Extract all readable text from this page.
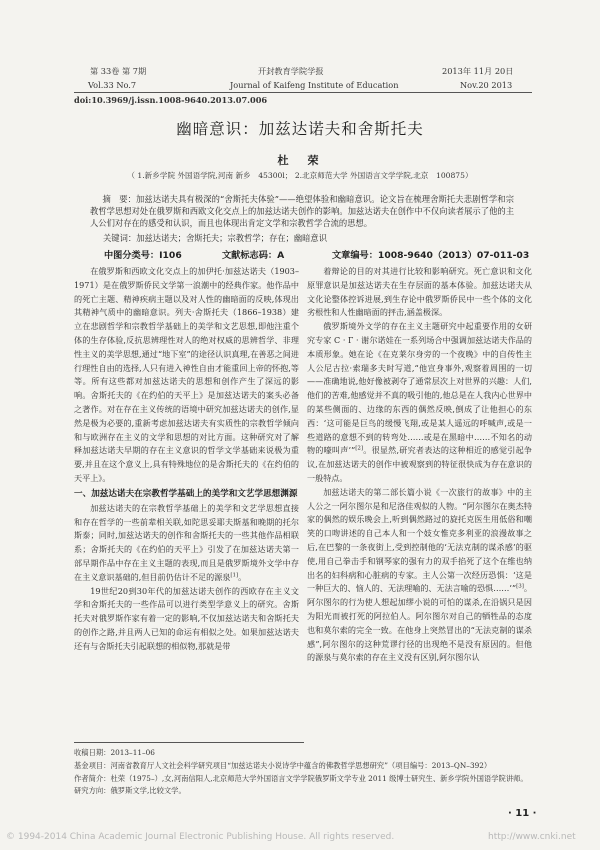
第 33卷 第 7期	开封教育学院学报	2013年 11月 20日
Vol.33 No.7	Journal of Kaifeng Institute of Education	Nov.20 2013
doi:10.3969/j.issn.1008-9640.2013.07.006
幽暗意识：加兹达诺夫和舍斯托夫
杜　荣
（ 1.新乡学院 外国语学院,河南 新乡　45300l； 2.北京师范大学 外国语言文学学院,北京　100875）
摘　要：加兹达诺夫具有极深的“舍斯托夫体验”——绝望体验和幽暗意识。论文旨在梳理舍斯托夫悲剧哲学和宗教哲学思想对处在俄罗斯和西欧文化交点上的加兹达诺夫创作的影响。加兹达诺夫在创作中不仅向读者展示了他的主人公们对存在的感受和认识，而且也体现出肯定文学和宗教哲学合流的思想。
关键词：加兹达诺夫；舍斯托夫；宗教哲学；存在；幽暗意识
中图分类号：I106	文献标志码：A	文章编号：1008-9640（2013）07-011-03

在俄罗斯和西欧文化交点上的加伊托·加兹达诺夫（1903–1971）是在俄罗斯侨民文学第一浪潮中的经典作家。他作品中的死亡主题、精神疾病主题以及对人性的幽暗面的反映,体现出其精神气质中的幽暗意识。列夫·舍斯托夫（1866–1938）建立在悲剧哲学和宗教哲学基础上的美学和文艺思想,即他注重个体的生存体验,反抗思辨理性对人的绝对权威的思辨哲学、非理性主义的美学思想,通过“地下室”的途径认识真理,在善恶之间进行理性自由的选择,人只有进入神性自由才能重回上帝的怀抱,等等。所有这些都对加兹达诺夫的思想和创作产生了深远的影响。舍斯托夫的《在约伯的天平上》是加兹达诺夫的案头必备之著作。对在存在主义传统的语境中研究加兹达诺夫的创作,显然是极为必要的,重新考虑加兹达诺夫有实质性的宗教哲学倾向和与欧洲存在主义的文学和思想的对比方面。这种研究对了解释加兹达诺夫早期的存在主义意识的哲学文学基础来说极为重要,并且在这个意义上,具有特殊地位的是舍斯托夫的《在约伯的天平上》。

一、加兹达诺夫在宗教哲学基础上的美学和文艺学思想渊源

加兹达诺夫的在宗教哲学基础上的美学和文艺学思想直接和存在哲学的一些前辈相关联,如陀思妥耶夫斯基和晚期的托尔斯泰；同时,加兹达诺夫的创作和舍斯托夫的一些其他作品相联系；舍斯托夫的《在约伯的天平上》引发了在加兹达诺夫第一部早期作品中存在主义主题的表现,而且是俄罗斯境外文学中存在主义意识基础的,但目前仍估计不足的源泉[1]。

19世纪20到30年代的加兹达诺夫创作的西欧存在主义文学和舍斯托夫的一些作品可以进行类型学意义上的研究。舍斯托夫对俄罗斯作家有着一定的影响,不仅加兹达诺夫和舍斯托夫的创作之路,并且两人已知的命运有相似之处。如果加兹达诺夫还有与舍斯托夫引起联想的相似物,那就是带

着辩论的目的对其进行比较和影响研究。死亡意识和文化原罪意识是加兹达诺夫在生存层面的基本体验。加兹达诺夫从文化论整体控诉进展,到生存论中俄罗斯侨民中一些个体的文化劣根性和人性幽暗面的抨击,涵盖极深。

俄罗斯境外文学的存在主义主题研究中起重要作用的女研究专家 C · Г · 谢尔诺娃在一系列场合中强调加兹达诺夫作品的本质形象。她在论《在克莱尔身旁的一个夜晚》中的自传性主人公尼古拉·索瑞多夫时写道,“他宣身事外,观察着周围的一切——准确地说,他好像被剥夺了通常层次上对世界的兴趣：人们,他们的苦难,他感觉并不真的吸引他的,他总是在人我内心世界中的某些侧面的、边缘的东西的偶然反映,倒成了让他担心的东西：‘这可能是巨鸟的缓慢飞翔,或是某人遥远的呼喊声,或是一些道路的意想不到的转弯处……或是在黑暗中……不知名的动物的嚎叫声’”[2]。很显然,研究者表达的这种相近的感觉引起争议,在加兹达诺夫的创作中被观察到的特征很快成为存在意识的一般特点。

加兹达诺夫的第二部长篇小说《一次旅行的故事》中的主人公之一阿尔图尔是和尼洛佳观似的人物。“阿尔图尔在奥杰特家的偶然的娱乐晚会上,听到偶然路过的旋托克医生用低俗和嘲笑的口吻讲述的自己本人和一个妓女惟克多利亚的浪漫故事之后,在巴黎的一条夜街上,受到控制他的‘无法克制的谋杀感’的驱使,用自己拳击手和钢琴家的强有力的双手掐死了这个在维也纳出名的妇科病和心脏病的专家。主人公第一次经历恐惧：‘这是一种巨大的、恼人的、无法理喻的、无法言喻的恐惧……’”[3]。阿尔图尔的行为使人想起加缪小说的可怕的谋杀,在沿锅只是因为阳光而被打死的阿拉伯人。阿尔图尔对自己的牺牲品的态度也和莫尔索的完全一致。在他身上突然冒出的“无法克制的谋杀感”,阿尔图尔的这种荒谬行径的出现绝不是没有原因的。但他的源泉与莫尔索的存在主义没有区别,阿尔图尔认

收稿日期：2013–11–06
基金项目：河南省教育厅人文社会科学研究项目“加兹达诺夫小说诗学中蕴含的佛教哲学思想研究”（项目编号：2013–QN–392）
作者简介：杜荣（1975–）,女,河南信阳人,北京师范大学外国语言文学学院俄罗斯文学专业 2011 级博士研究生、新乡学院外国语学院讲师。研究方向：俄罗斯文学,比较文学。
· 11 ·
© 1994-2014 China Academic Journal Electronic Publishing House. All rights reserved.	http://www.cnki.net
